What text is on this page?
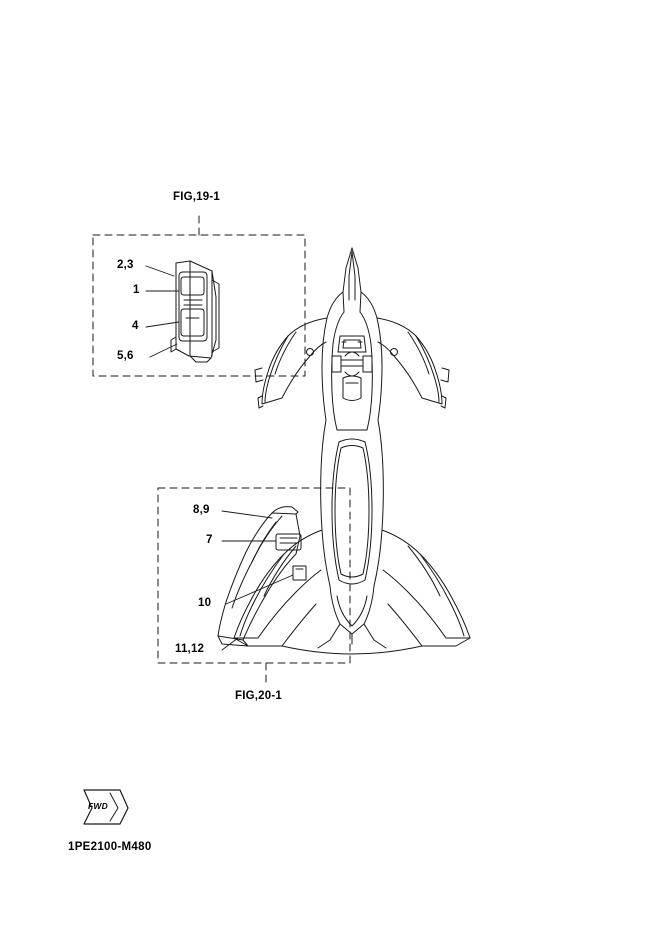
FIG,19-1
FIG,20-1
2,3
1
4
5,6
8,9
7
10
11,12
FWD
1PE2100-M480
